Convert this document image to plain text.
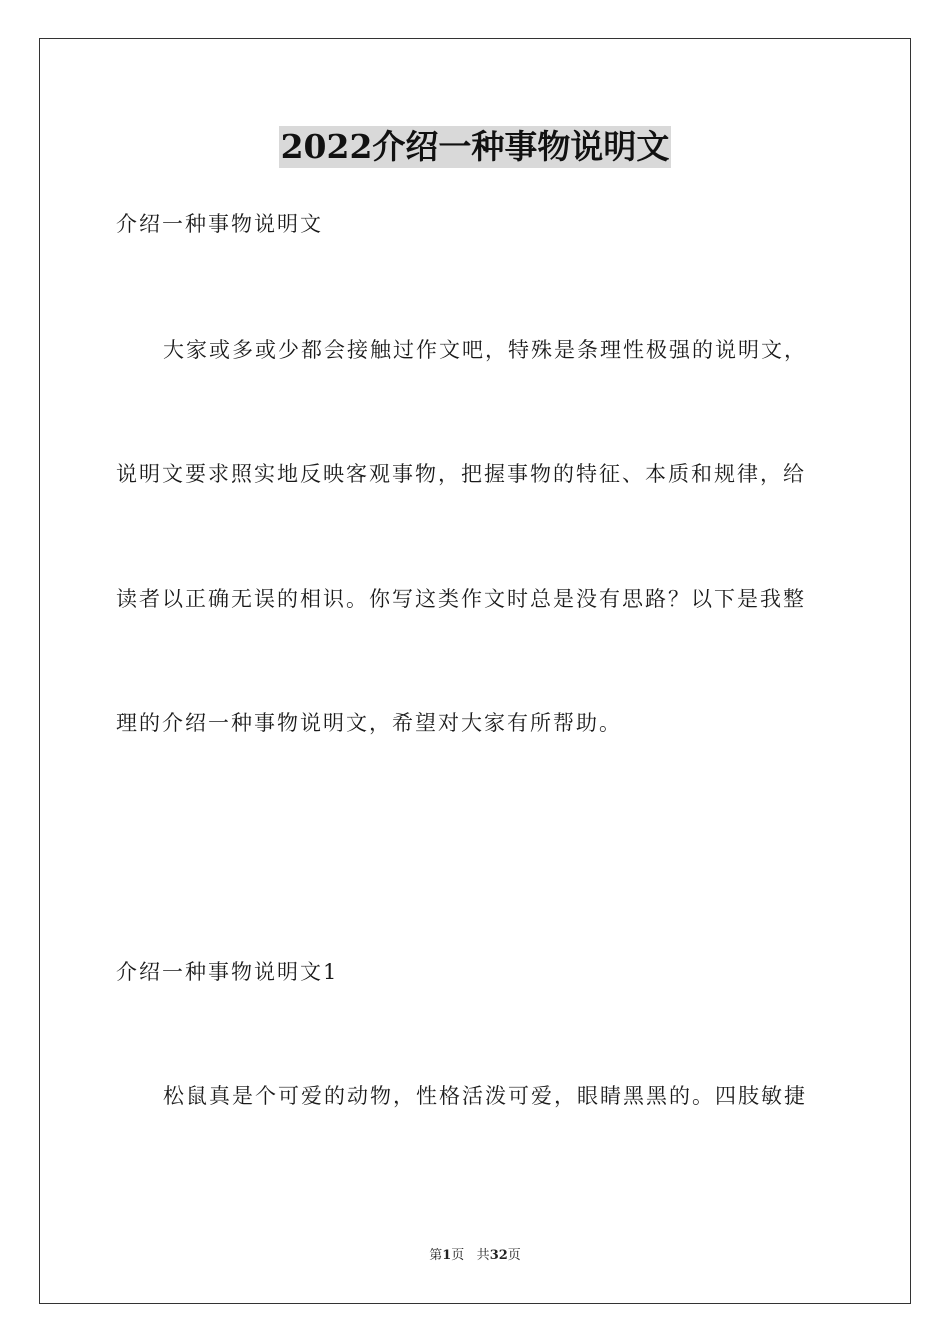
2022介绍一种事物说明文
介绍一种事物说明文
大家或多或少都会接触过作文吧，特殊是条理性极强的说明文，
说明文要求照实地反映客观事物，把握事物的特征、本质和规律，给
读者以正确无误的相识。你写这类作文时总是没有思路？以下是我整
理的介绍一种事物说明文，希望对大家有所帮助。
介绍一种事物说明文1
松鼠真是个可爱的动物，性格活泼可爱，眼睛黑黑的。四肢敏捷
第1页 共32页
